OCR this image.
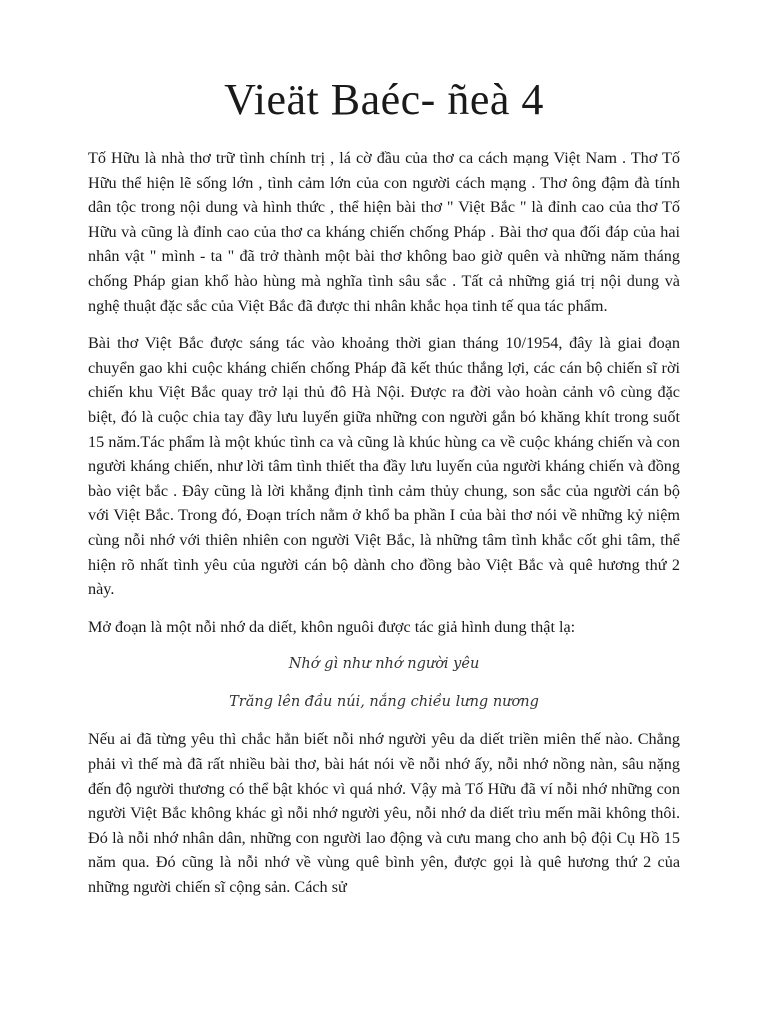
Vieät Baéc- ñeà 4

Tố Hữu là nhà thơ trữ tình chính trị , lá cờ đầu của thơ ca cách mạng Việt Nam . Thơ Tố Hữu thể hiện lẽ sống lớn , tình cảm lớn của con người cách mạng . Thơ ông đậm đà tính dân tộc trong nội dung và hình thức , thể hiện bài thơ " Việt Bắc " là đỉnh cao của thơ Tố Hữu và cũng là đỉnh cao của thơ ca kháng chiến chống Pháp . Bài thơ qua đối đáp của hai nhân vật " mình - ta " đã trở thành một bài thơ không bao giờ quên và những năm tháng chống Pháp gian khổ hào hùng mà nghĩa tình sâu sắc . Tất cả những giá trị nội dung và nghệ thuật đặc sắc của Việt Bắc đã được thi nhân khắc họa tinh tế qua tác phẩm.

Bài thơ Việt Bắc được sáng tác vào khoảng thời gian tháng 10/1954, đây là giai đoạn chuyển gao khi cuộc kháng chiến chống Pháp đã kết thúc thắng lợi, các cán bộ chiến sĩ rời chiến khu Việt Bắc quay trở lại thủ đô Hà Nội. Được ra đời vào hoàn cảnh vô cùng đặc biệt, đó là cuộc chia tay đầy lưu luyến giữa những con người gắn bó khăng khít trong suốt 15 năm.Tác phẩm là một khúc tình ca và cũng là khúc hùng ca về cuộc kháng chiến và con người kháng chiến, như lời tâm tình thiết tha đầy lưu luyến của người kháng chiến và đồng bào việt bắc . Đây cũng là lời khẳng định tình cảm thủy chung, son sắc của người cán bộ với Việt Bắc. Trong đó, Đoạn trích nằm ở khổ ba phần I của bài thơ nói về những kỷ niệm cùng nỗi nhớ với thiên nhiên con người Việt Bắc, là những tâm tình khắc cốt ghi tâm, thể hiện rõ nhất tình yêu của người cán bộ dành cho đồng bào Việt Bắc và quê hương thứ 2 này.

Mở đoạn là một nỗi nhớ da diết, khôn nguôi được tác giả hình dung thật lạ:

Nhớ gì như nhớ người yêu

Trăng lên đầu núi, nắng chiều lưng nương

Nếu ai đã từng yêu thì chắc hẳn biết nỗi nhớ người yêu da diết triền miên thế nào. Chẳng phải vì thế mà đã rất nhiều bài thơ, bài hát nói về nỗi nhớ ấy, nỗi nhớ nồng nàn, sâu nặng đến độ người thương có thể bật khóc vì quá nhớ. Vậy mà Tố Hữu đã ví nỗi nhớ những con người Việt Bắc không khác gì nỗi nhớ người yêu, nỗi nhớ da diết trìu mến mãi không thôi. Đó là nỗi nhớ nhân dân, những con người lao động và cưu mang cho anh bộ đội Cụ Hồ 15 năm qua. Đó cũng là nỗi nhớ về vùng quê bình yên, được gọi là quê hương thứ 2 của những người chiến sĩ cộng sản. Cách sử
